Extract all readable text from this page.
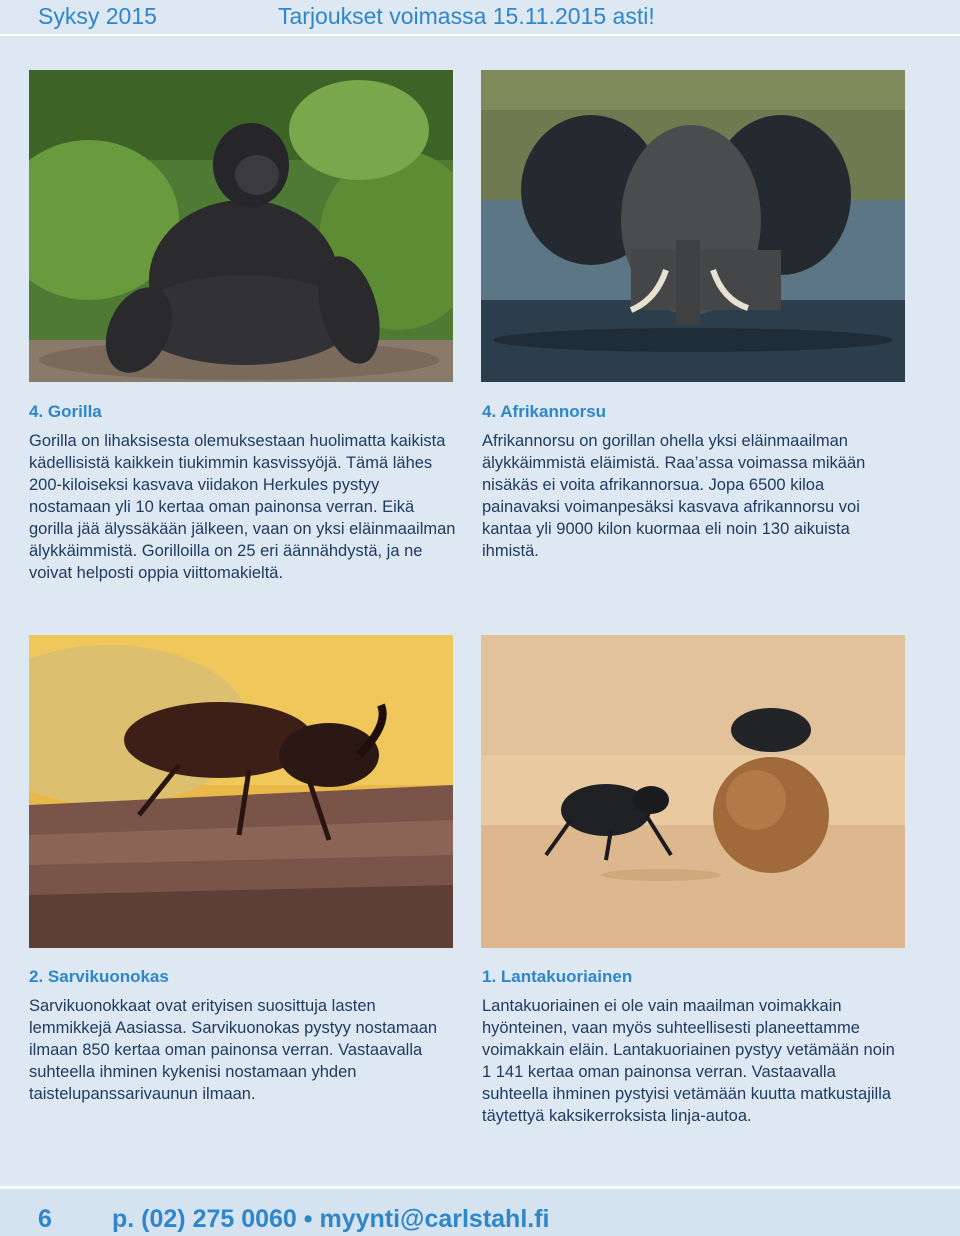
Syksy 2015	Tarjoukset voimassa 15.11.2015 asti!
4. Gorilla

Gorilla on lihaksisesta olemuksestaan huolimatta kaikista kädellisistä kaikkein tiukimmin kasvissyöjä. Tämä lähes 200-kiloiseksi kasvava viidakon Herkules pystyy nostamaan yli 10 kertaa oman painonsa verran. Eikä gorilla jää älyssäkään jälkeen, vaan on yksi eläinmaailman älykkäimmistä. Gorilloilla on 25 eri äännähdystä, ja ne voivat helposti oppia viittomakieltä.

4. Afrikannorsu

Afrikannorsu on gorillan ohella yksi eläinmaailman älykkäimmistä eläimistä. Raa’assa voimassa mikään nisäkäs ei voita afrikannorsua. Jopa 6500 kiloa painavaksi voimanpesäksi kasvava afrikannorsu voi kantaa yli 9000 kilon kuormaa eli noin 130 aikuista ihmistä.

2. Sarvikuonokas

Sarvikuonokkaat ovat erityisen suosittuja lasten lemmikkejä Aasiassa. Sarvikuonokas pystyy nostamaan ilmaan 850 kertaa oman painonsa verran. Vastaavalla suhteella ihminen kykenisi nostamaan yhden taistelupanssarivaunun ilmaan.

1. Lantakuoriainen

Lantakuoriainen ei ole vain maailman voimakkain hyönteinen, vaan myös suhteellisesti planeettamme voimakkain eläin. Lantakuoriainen pystyy vetämään noin 1 141 kertaa oman painonsa verran. Vastaavalla suhteella ihminen pystyisi vetämään kuutta matkustajilla täytettyä kaksikerroksista linja-autoa.

6 p. (02) 275 0060 • myynti@carlstahl.fi
